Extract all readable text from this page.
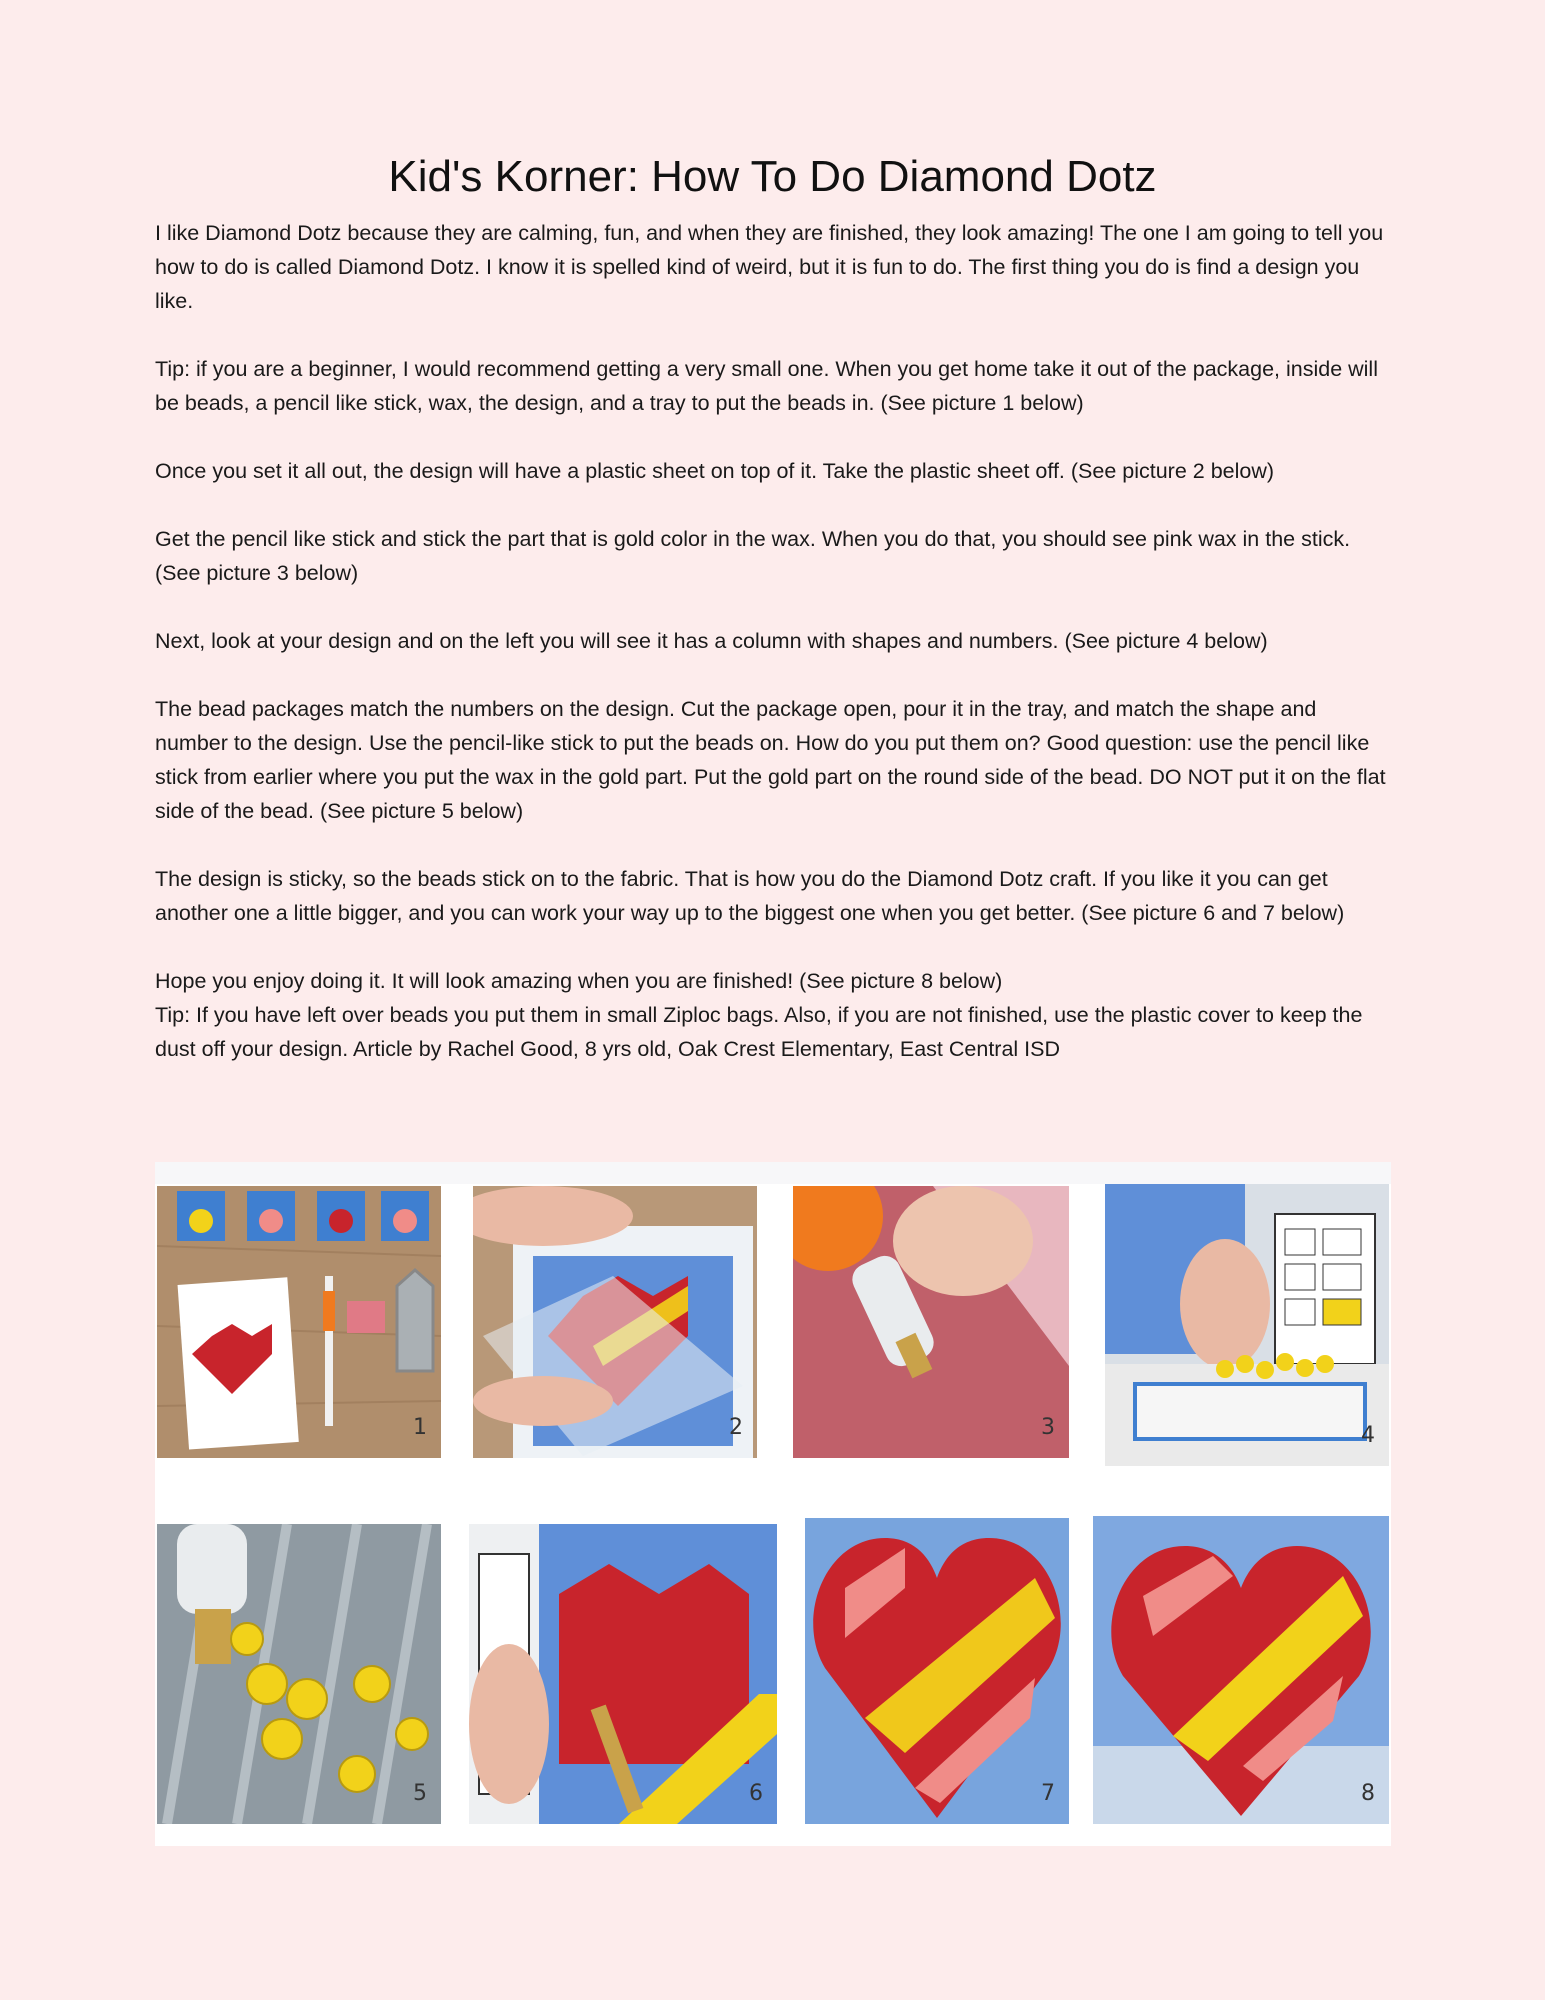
Kid's Korner: How To Do Diamond Dotz

I like Diamond Dotz because they are calming, fun, and when they are finished, they look amazing! The one I am going to tell you how to do is called Diamond Dotz. I know it is spelled kind of weird, but it is fun to do. The first thing you do is find a design you like.

Tip: if you are a beginner, I would recommend getting a very small one. When you get home take it out of the package, inside will be beads, a pencil like stick, wax, the design, and a tray to put the beads in. (See picture 1 below)

Once you set it all out, the design will have a plastic sheet on top of it. Take the plastic sheet off. (See picture 2 below)

Get the pencil like stick and stick the part that is gold color in the wax. When you do that, you should see pink wax in the stick. (See picture 3 below)

Next, look at your design and on the left you will see it has a column with shapes and numbers. (See picture 4 below)

The bead packages match the numbers on the design. Cut the package open, pour it in the tray, and match the shape and number to the design. Use the pencil-like stick to put the beads on. How do you put them on? Good question: use the pencil like stick from earlier where you put the wax in the gold part. Put the gold part on the round side of the bead. DO NOT put it on the flat side of the bead. (See picture 5 below)

The design is sticky, so the beads stick on to the fabric. That is how you do the Diamond Dotz craft. If you like it you can get another one a little bigger, and you can work your way up to the biggest one when you get better. (See picture 6 and 7 below)

Hope you enjoy doing it. It will look amazing when you are finished! (See picture 8 below)

Tip: If you have left over beads you put them in small Ziploc bags. Also, if you are not finished, use the plastic cover to keep the dust off your design. Article by Rachel Good, 8 yrs old, Oak Crest Elementary, East Central ISD

1	2	3	4
5	6	7	8
